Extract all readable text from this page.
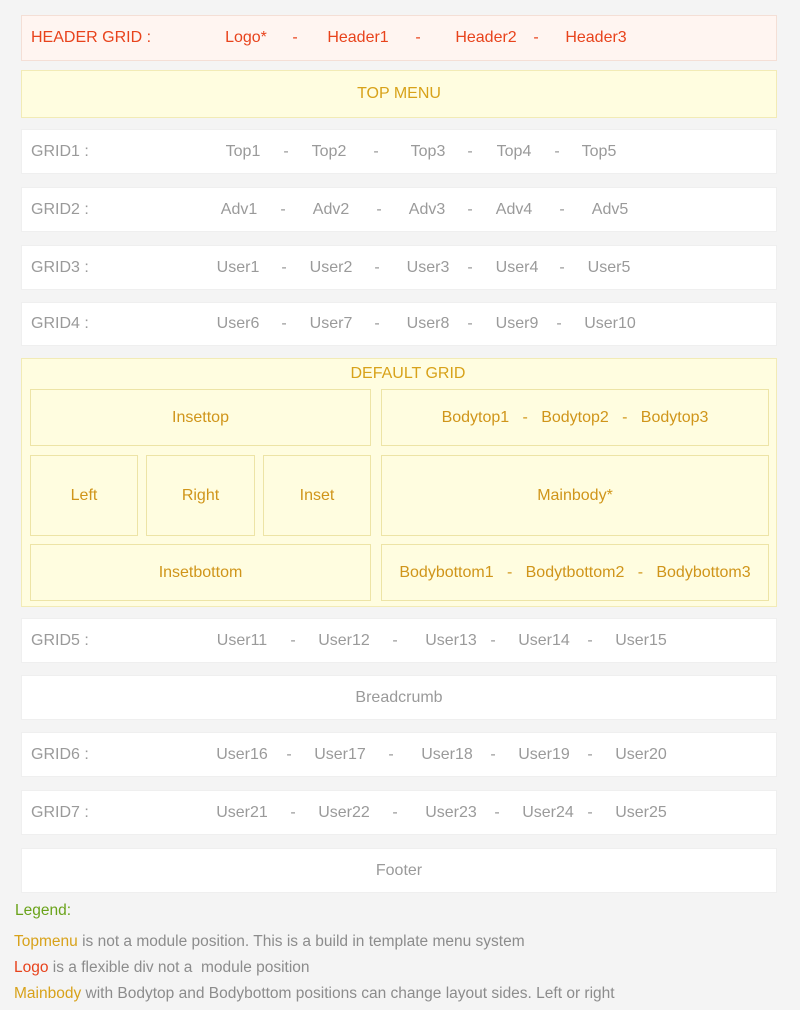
HEADER GRID :	Logo* - Header1 - Header2 - Header3
TOP MENU
GRID1 :	Top1 - Top2 - Top3 - Top4 - Top5
GRID2 :	Adv1 - Adv2 - Adv3 - Adv4 - Adv5
GRID3 :	User1 - User2 - User3 - User4 - User5
GRID4 :	User6 - User7 - User8 - User9 - User10
DEFAULT GRID
Insettop	Bodytop1   -   Bodytop2   -   Bodytop3
Left	Right	Inset	Mainbody*
Insetbottom	Bodybottom1   -   Bodytbottom2   -   Bodybottom3
GRID5 :	User11 - User12 - User13 - User14 - User15
Breadcrumb
GRID6 :	User16 - User17 - User18 - User19 - User20
GRID7 :	User21 - User22 - User23 - User24 - User25
Footer
Legend:
Topmenu is not a module position. This is a build in template menu system
Logo is a flexible div not a  module position
Mainbody with Bodytop and Bodybottom positions can change layout sides. Left or right
